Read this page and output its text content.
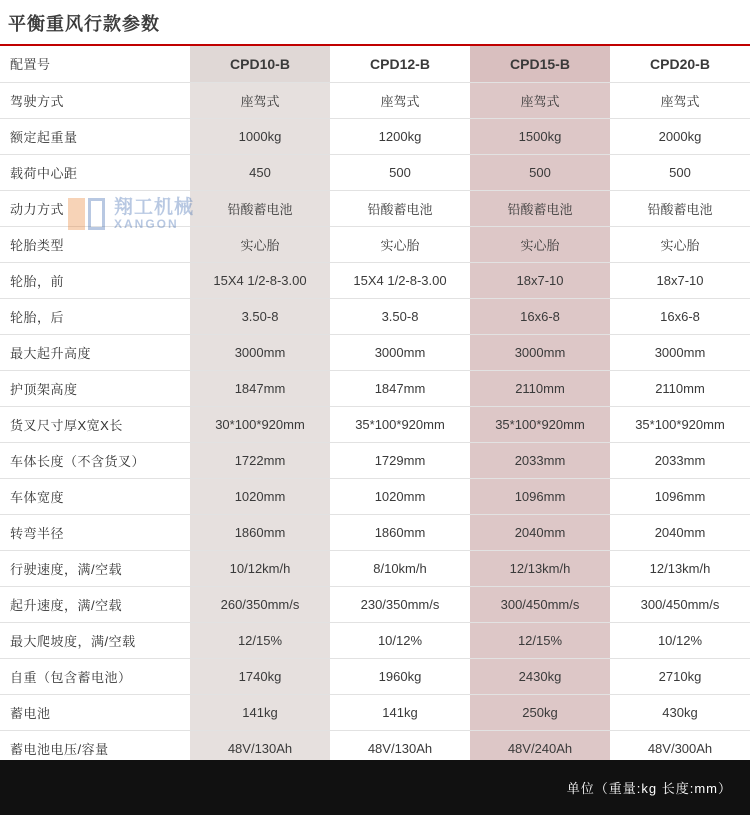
平衡重风行款参数
配置号	CPD10-B	CPD12-B	CPD15-B	CPD20-B
驾驶方式	座驾式	座驾式	座驾式	座驾式
额定起重量	1000kg	1200kg	1500kg	2000kg
载荷中心距	450	500	500	500
动力方式	铅酸蓄电池	铅酸蓄电池	铅酸蓄电池	铅酸蓄电池
轮胎类型	实心胎	实心胎	实心胎	实心胎
轮胎，前	15X4 1/2-8-3.00	15X4 1/2-8-3.00	18x7-10	18x7-10
轮胎，后	3.50-8	3.50-8	16x6-8	16x6-8
最大起升高度	3000mm	3000mm	3000mm	3000mm
护顶架高度	1847mm	1847mm	2110mm	2110mm
货叉尺寸厚X宽X长	30*100*920mm	35*100*920mm	35*100*920mm	35*100*920mm
车体长度（不含货叉）	1722mm	1729mm	2033mm	2033mm
车体宽度	1020mm	1020mm	1096mm	1096mm
转弯半径	1860mm	1860mm	2040mm	2040mm
行驶速度，满/空载	10/12km/h	8/10km/h	12/13km/h	12/13km/h
起升速度，满/空载	260/350mm/s	230/350mm/s	300/450mm/s	300/450mm/s
最大爬坡度，满/空载	12/15%	10/12%	12/15%	10/12%
自重（包含蓄电池）	1740kg	1960kg	2430kg	2710kg
蓄电池	141kg	141kg	250kg	430kg
蓄电池电压/容量	48V/130Ah	48V/130Ah	48V/240Ah	48V/300Ah
翔工机械
XANGON
单位（重量:kg 长度:mm）
